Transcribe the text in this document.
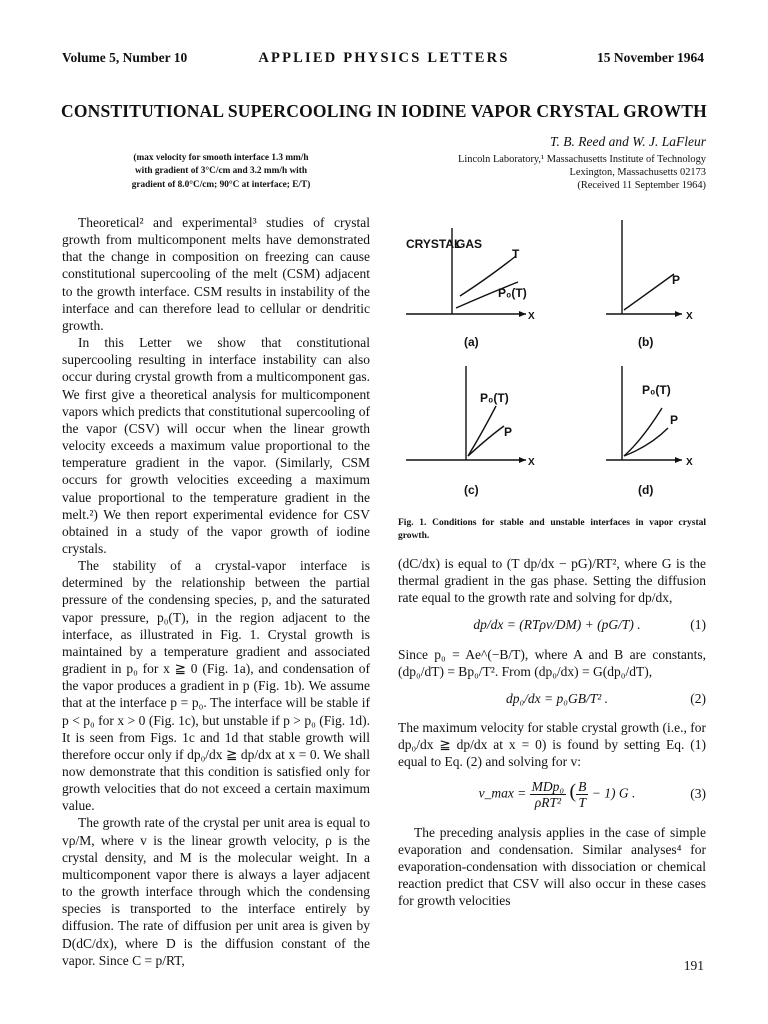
Volume 5, Number 10	APPLIED PHYSICS LETTERS	15 November 1964
CONSTITUTIONAL SUPERCOOLING IN IODINE VAPOR CRYSTAL GROWTH
T. B. Reed and W. J. LaFleur
Lincoln Laboratory,¹ Massachusetts Institute of Technology
Lexington, Massachusetts 02173
(Received 11 September 1964)
(max velocity for smooth interface 1.3 mm/h
with gradient of 3°C/cm and 3.2 mm/h with
gradient of 8.0°C/cm; 90°C at interface; E/T)

Theoretical² and experimental³ studies of crystal growth from multicomponent melts have demonstrated that the change in composition on freezing can cause constitutional supercooling of the melt (CSM) adjacent to the growth interface. CSM results in instability of the interface and can therefore lead to cellular or dendritic growth.

In this Letter we show that constitutional supercooling resulting in interface instability can also occur during crystal growth from a multicomponent gas. We first give a theoretical analysis for multicomponent vapors which predicts that constitutional supercooling of the vapor (CSV) will occur when the linear growth velocity exceeds a maximum value proportional to the temperature gradient in the vapor. (Similarly, CSM occurs for growth velocities exceeding a maximum value proportional to the temperature gradient in the melt.²) We then report experimental evidence for CSV obtained in a study of the vapor growth of iodine crystals.

The stability of a crystal-vapor interface is determined by the relationship between the partial pressure of the condensing species, p, and the saturated vapor pressure, p₀(T), in the region adjacent to the interface, as illustrated in Fig. 1. Crystal growth is maintained by a temperature gradient and associated gradient in p₀ for x ≧ 0 (Fig. 1a), and condensation of the vapor produces a gradient in p (Fig. 1b). We assume that at the interface p = p₀. The interface will be stable if p < p₀ for x > 0 (Fig. 1c), but unstable if p > p₀ (Fig. 1d). It is seen from Figs. 1c and 1d that stable growth will therefore occur only if dp₀/dx ≧ dp/dx at x = 0. We shall now demonstrate that this condition is satisfied only for growth velocities that do not exceed a certain maximum value.

The growth rate of the crystal per unit area is equal to vρ/M, where v is the linear growth velocity, ρ is the crystal density, and M is the molecular weight. In a multicomponent vapor there is always a layer adjacent to the growth interface through which the condensing species is transported to the interface entirely by diffusion. The rate of diffusion per unit area is given by D(dC/dx), where D is the diffusion constant of the vapor. Since C = p/RT,

CRYSTAL
GAS
T
P₀(T)
X
P
X
P₀(T)
P
X
P₀(T)
P
X
(a)	(b)
(c)	(d)
Fig. 1. Conditions for stable and unstable interfaces in vapor crystal growth.

(dC/dx) is equal to (T dp/dx − pG)/RT², where G is the thermal gradient in the gas phase. Setting the diffusion rate equal to the growth rate and solving for dp/dx,

dp/dx = (RTρv/DM) + (pG/T) .	(1)

Since p₀ = Ae^(−B/T), where A and B are constants, (dp₀/dT) = Bp₀/T². From (dp₀/dx) = G(dp₀/dT),

dp₀/dx = p₀GB/T² .	(2)

The maximum velocity for stable crystal growth (i.e., for dp₀/dx ≧ dp/dx at x = 0) is found by setting Eq. (1) equal to Eq. (2) and solving for v:

v_max = $\frac{\text{MDp₀}}{\text{ρRT²}}$ ( $\frac{B}{T} - 1$) G .	(3)

The preceding analysis applies in the case of simple evaporation and condensation. Similar analyses⁴ for evaporation-condensation with dissociation or chemical reaction predict that CSV will also occur in these cases for growth velocities

191
